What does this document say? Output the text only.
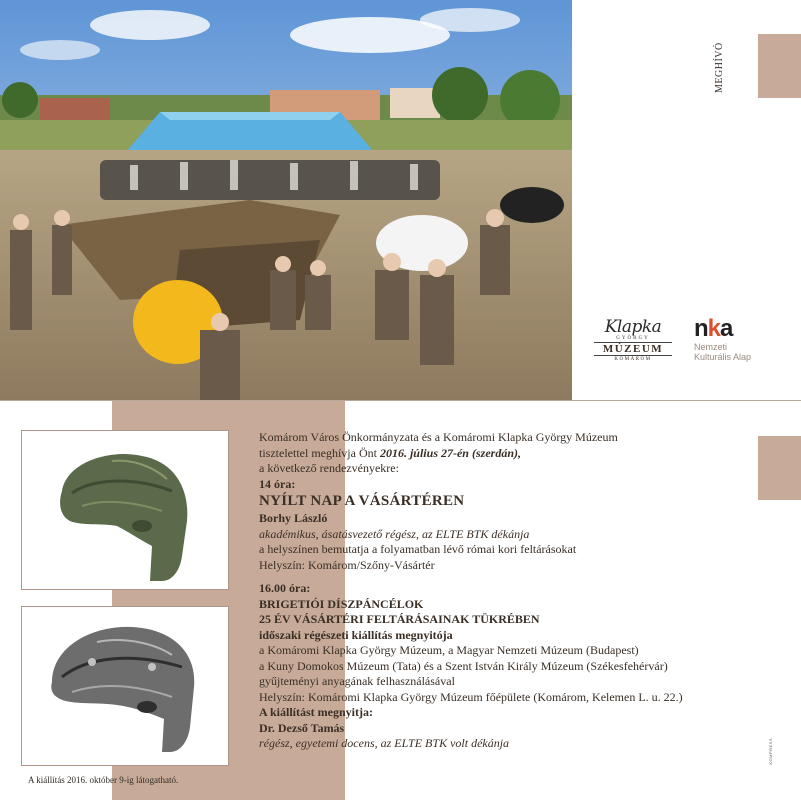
MEGHÍVÓ
Klapka
GYÖRGY
MÚZEUM
KOMÁROM
nka
Nemzeti
Kulturális Alap
A kiállítás 2016. október 9-ig látogatható.
Komárom Város Önkormányzata és a Komáromi Klapka György Múzeum
tisztelettel meghívja Önt 2016. július 27-én (szerdán),
a következő rendezvényekre:
14 óra:
NYÍLT NAP A VÁSÁRTÉREN
Borhy László
akadémikus, ásatásvezető régész, az ELTE BTK dékánja
a helyszínen bemutatja a folyamatban lévő római kori feltárásokat
Helyszín: Komárom/Szőny-Vásártér
16.00 óra:
BRIGETIÓI DÍSZPÁNCÉLOK
25 ÉV VÁSÁRTÉRI FELTÁRÁSAINAK TÜKRÉBEN
időszaki régészeti kiállítás megnyitója
a Komáromi Klapka György Múzeum, a Magyar Nemzeti Múzeum (Budapest)
a Kuny Domokos Múzeum (Tata) és a Szent István Király Múzeum (Székesfehérvár)
gyűjteményi anyagának felhasználásával
Helyszín: Komáromi Klapka György Múzeum főépülete (Komárom, Kelemen L. u. 22.)
A kiállítást megnyitja:
Dr. Dezső Tamás
régész, egyetemi docens, az ELTE BTK volt dékánja	KOMPRESS
